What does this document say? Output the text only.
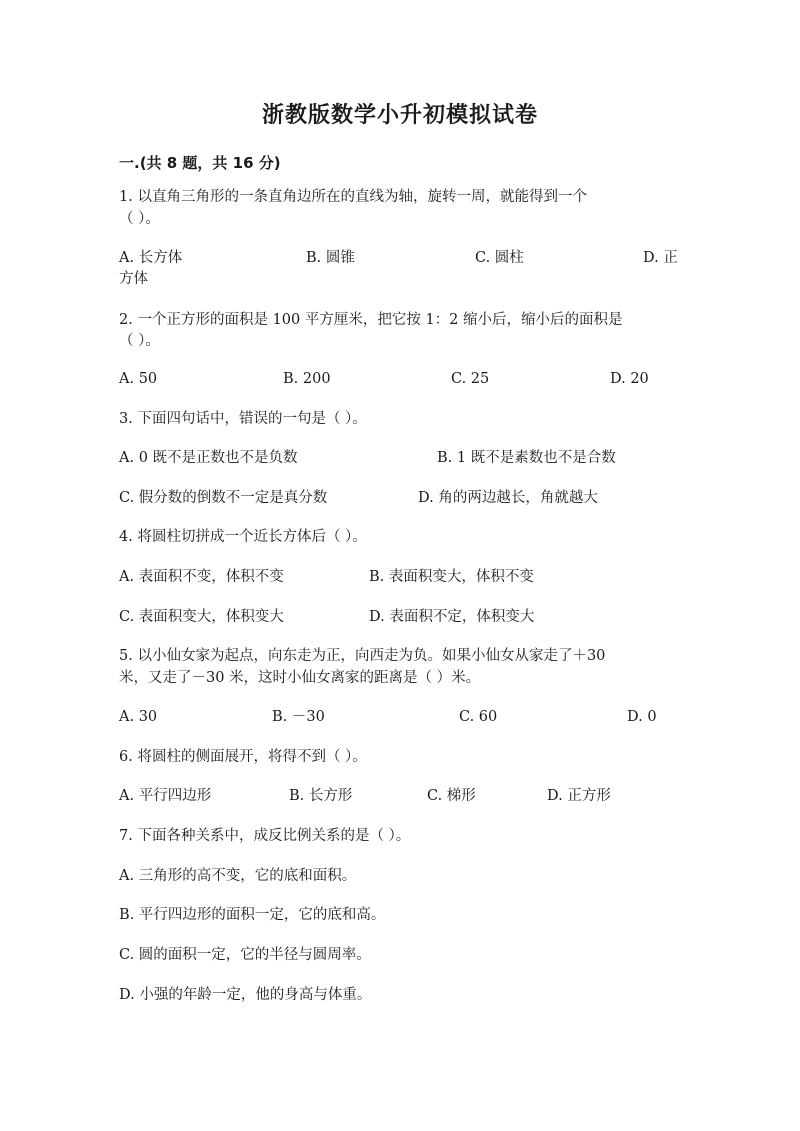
浙教版数学小升初模拟试卷
一.(共 8 题，共 16 分)
1. 以直角三角形的一条直角边所在的直线为轴，旋转一周，就能得到一个
（ ）。
A. 长方体	B. 圆锥	C. 圆柱	D. 正
方体
2. 一个正方形的面积是 100 平方厘米，把它按 1：2 缩小后，缩小后的面积是
（ ）。
A. 50	B. 200	C. 25	D. 20
3. 下面四句话中，错误的一句是（ ）。
A. 0 既不是正数也不是负数	B. 1 既不是素数也不是合数
C. 假分数的倒数不一定是真分数	D. 角的两边越长，角就越大
4. 将圆柱切拼成一个近长方体后（ ）。
A. 表面积不变，体积不变	B. 表面积变大，体积不变
C. 表面积变大，体积变大	D. 表面积不定，体积变大
5. 以小仙女家为起点，向东走为正，向西走为负。如果小仙女从家走了＋30
米，又走了－30 米，这时小仙女离家的距离是（ ）米。
A. 30	B. －30	C. 60	D. 0
6. 将圆柱的侧面展开，将得不到（ ）。
A. 平行四边形	B. 长方形	C. 梯形	D. 正方形
7. 下面各种关系中，成反比例关系的是（ ）。
A. 三角形的高不变，它的底和面积。
B. 平行四边形的面积一定，它的底和高。
C. 圆的面积一定，它的半径与圆周率。
D. 小强的年龄一定，他的身高与体重。
